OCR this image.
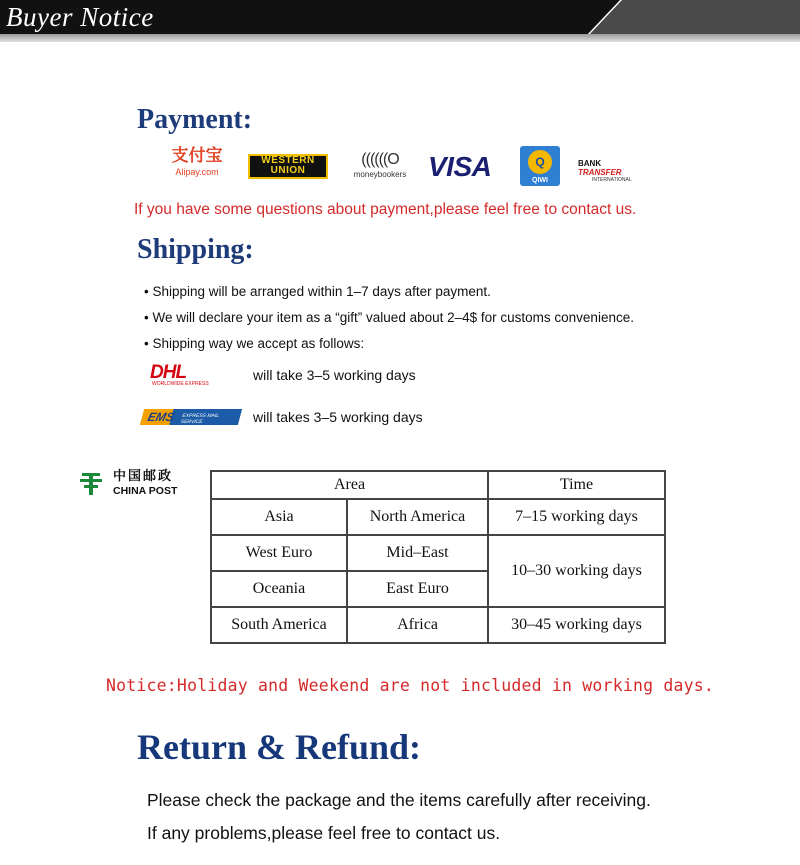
Buyer Notice
Payment:
支付宝
Alipay.com
WESTERN
UNION
((((((O
moneybookers VISA	Q
QIWI
BANK TRANSFER
INTERNATIONAL
If you have some questions about payment,please feel free to contact us.
Shipping:
• Shipping will be arranged within 1–7 days after payment.
• We will declare your item as a “gift” valued about 2–4$ for customs convenience.
• Shipping way we accept as follows:
DHL
WORLDWIDE EXPRESS
will take 3–5 working days
EMS	EXPRESS MAIL SERVICE	will takes 3–5 working days
中国邮政
CHINA POST	Area		Time
Asia	North America	7–15 working days
West Euro	Mid–East	10–30 working days
Oceania	East Euro	
South America	Africa	30–45 working days
Notice:Holiday and Weekend are not included in working days.
Return & Refund:
Please check the package and the items carefully after receiving.
If any problems,please feel free to contact us.
